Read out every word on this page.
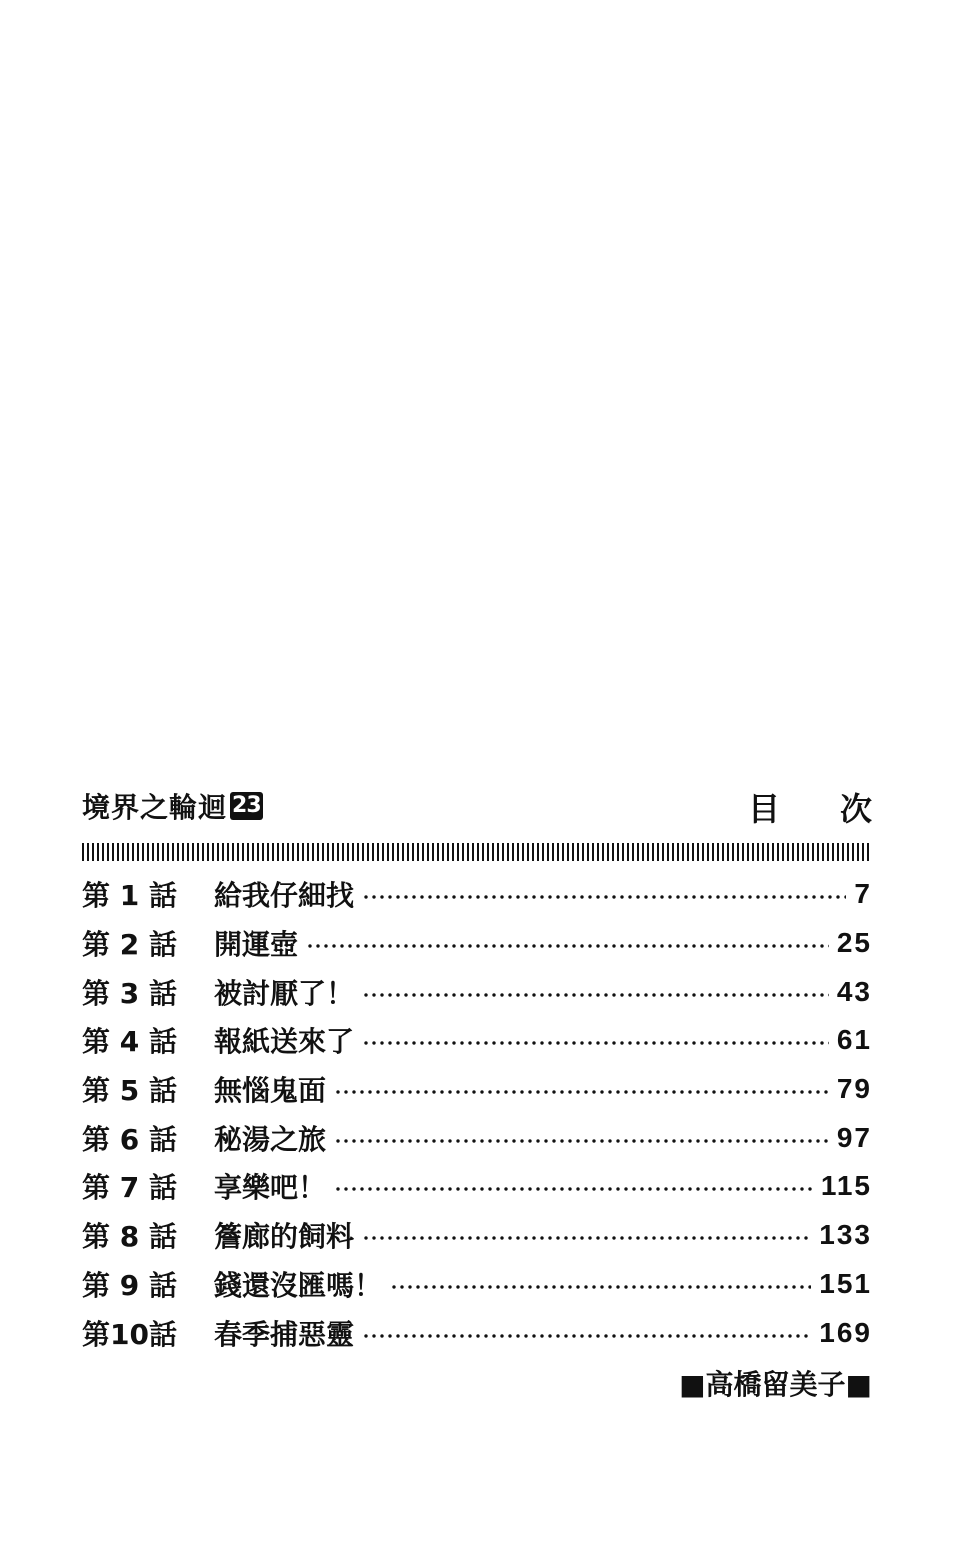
境界之輪迴 23	目 次
第 1 話	給我仔細找	7
第 2 話	開運壺	25
第 3 話	被討厭了！	43
第 4 話	報紙送來了	61
第 5 話	無惱鬼面	79
第 6 話	秘湯之旅	97
第 7 話	享樂吧！	115
第 8 話	簷廊的飼料	133
第 9 話	錢還沒匯嗎！	151
第10話	春季捕惡靈	169
■高橋留美子■
